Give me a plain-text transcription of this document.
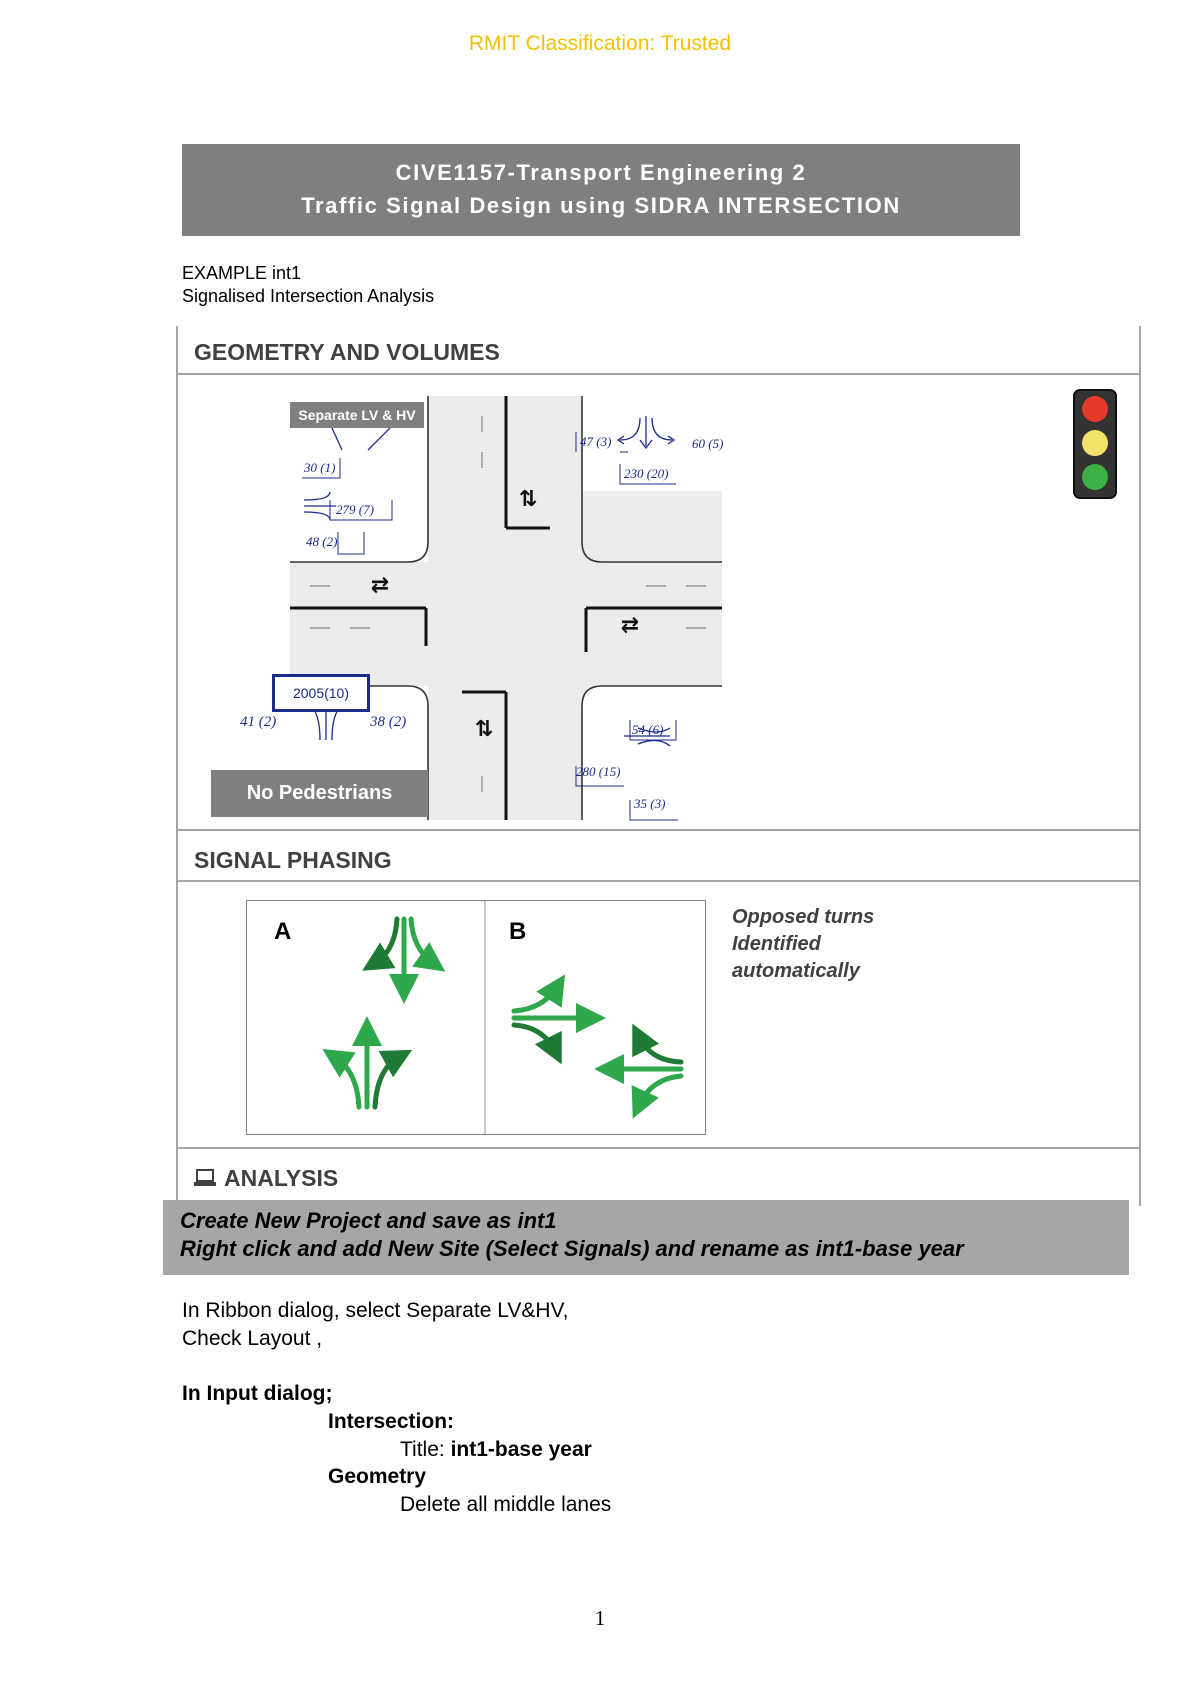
RMIT Classification: Trusted
CIVE1157-Transport Engineering 2
Traffic Signal Design using SIDRA INTERSECTION
EXAMPLE int1
Signalised Intersection Analysis
GEOMETRY AND VOLUMES
SIGNAL PHASING
ANALYSIS
⇅
⇄
⇄
⇅
47 (3)	60 (5)
230 (20)
30 (1)
279 (7)
48 (2)
41 (2)	38 (2)	54 (6)
280 (15)
35 (3)
Separate LV & HV
2005(10)
No Pedestrians
A	B
Opposed turns
Identified
automatically
Create New Project and save as int1
Right click and add New Site (Select Signals) and rename as int1-base year
In Ribbon dialog, select Separate LV&HV,
Check Layout ,
In Input dialog;
Intersection:
Title: int1-base year
Geometry
Delete all middle lanes
1
